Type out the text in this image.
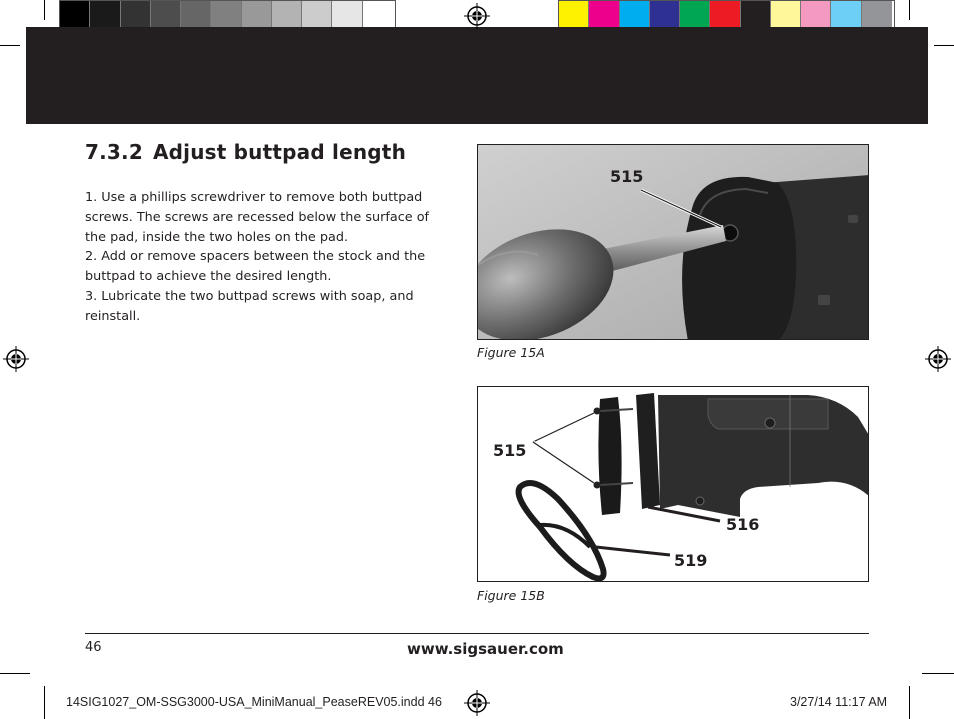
7.3.2 Adjust buttpad length

1. Use a phillips screwdriver to remove both buttpad screws. The screws are recessed below the surface of the pad, inside the two holes on the pad.

2. Add or remove spacers between the stock and the buttpad to achieve the desired length.

3. Lubricate the two buttpad screws with soap, and reinstall.

515
Figure 15A
515
516
519
Figure 15B
46	www.sigsauer.com
14SIG1027_OM-SSG3000-USA_MiniManual_PeaseREV05.indd 46	3/27/14 11:17 AM
